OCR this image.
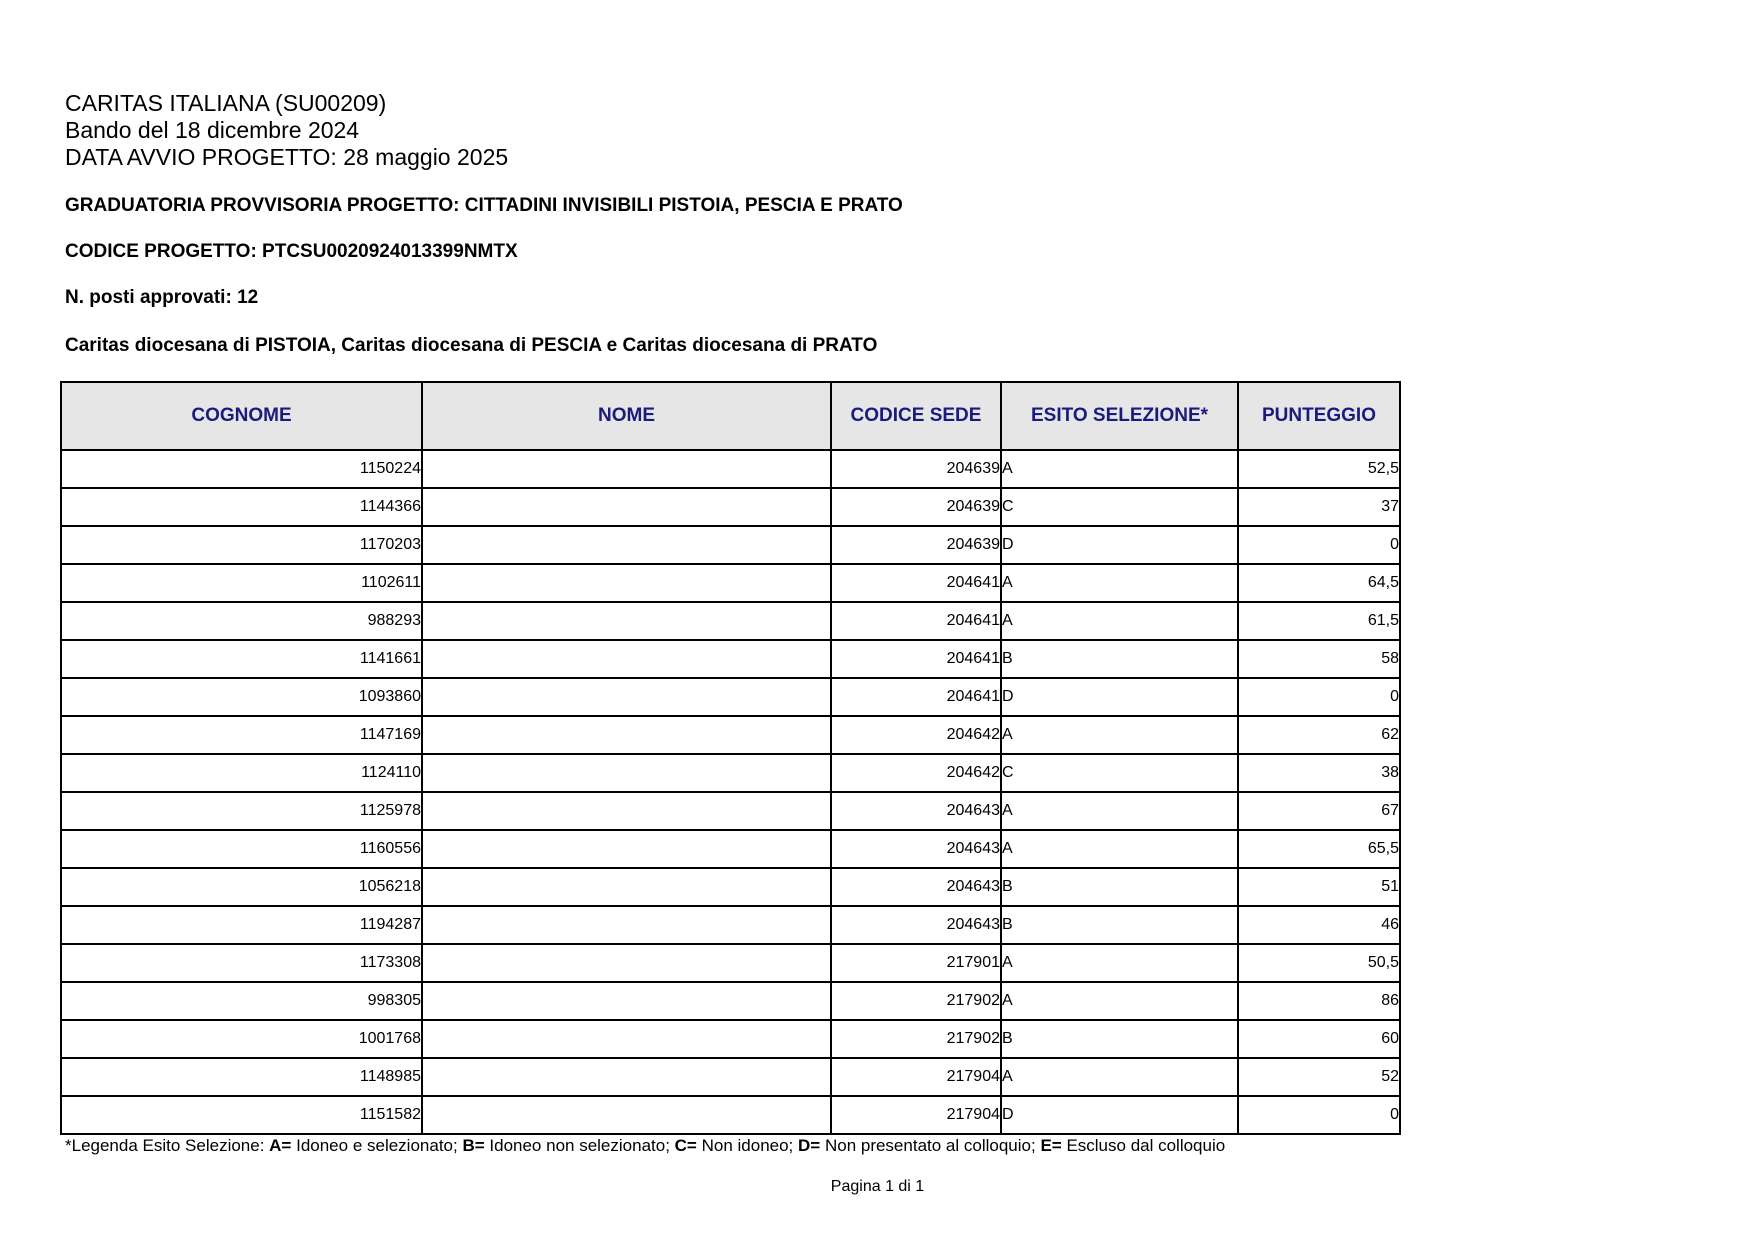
CARITAS ITALIANA (SU00209)
Bando del 18 dicembre 2024
DATA AVVIO PROGETTO: 28 maggio 2025
GRADUATORIA PROVVISORIA PROGETTO: CITTADINI INVISIBILI PISTOIA, PESCIA E PRATO
CODICE PROGETTO: PTCSU0020924013399NMTX
N. posti approvati: 12
Caritas diocesana di PISTOIA, Caritas diocesana di PESCIA e Caritas diocesana di PRATO
COGNOME	NOME	CODICE SEDE	ESITO SELEZIONE*	PUNTEGGIO
1150224		204639	A	52,5
1144366		204639	C	37
1170203		204639	D	0
1102611		204641	A	64,5
988293		204641	A	61,5
1141661		204641	B	58
1093860		204641	D	0
1147169		204642	A	62
1124110		204642	C	38
1125978		204643	A	67
1160556		204643	A	65,5
1056218		204643	B	51
1194287		204643	B	46
1173308		217901	A	50,5
998305		217902	A	86
1001768		217902	B	60
1148985		217904	A	52
1151582		217904	D	0
*Legenda Esito Selezione: A= Idoneo e selezionato; B= Idoneo non selezionato; C= Non idoneo; D= Non presentato al colloquio; E= Escluso dal colloquio
Pagina 1 di 1
